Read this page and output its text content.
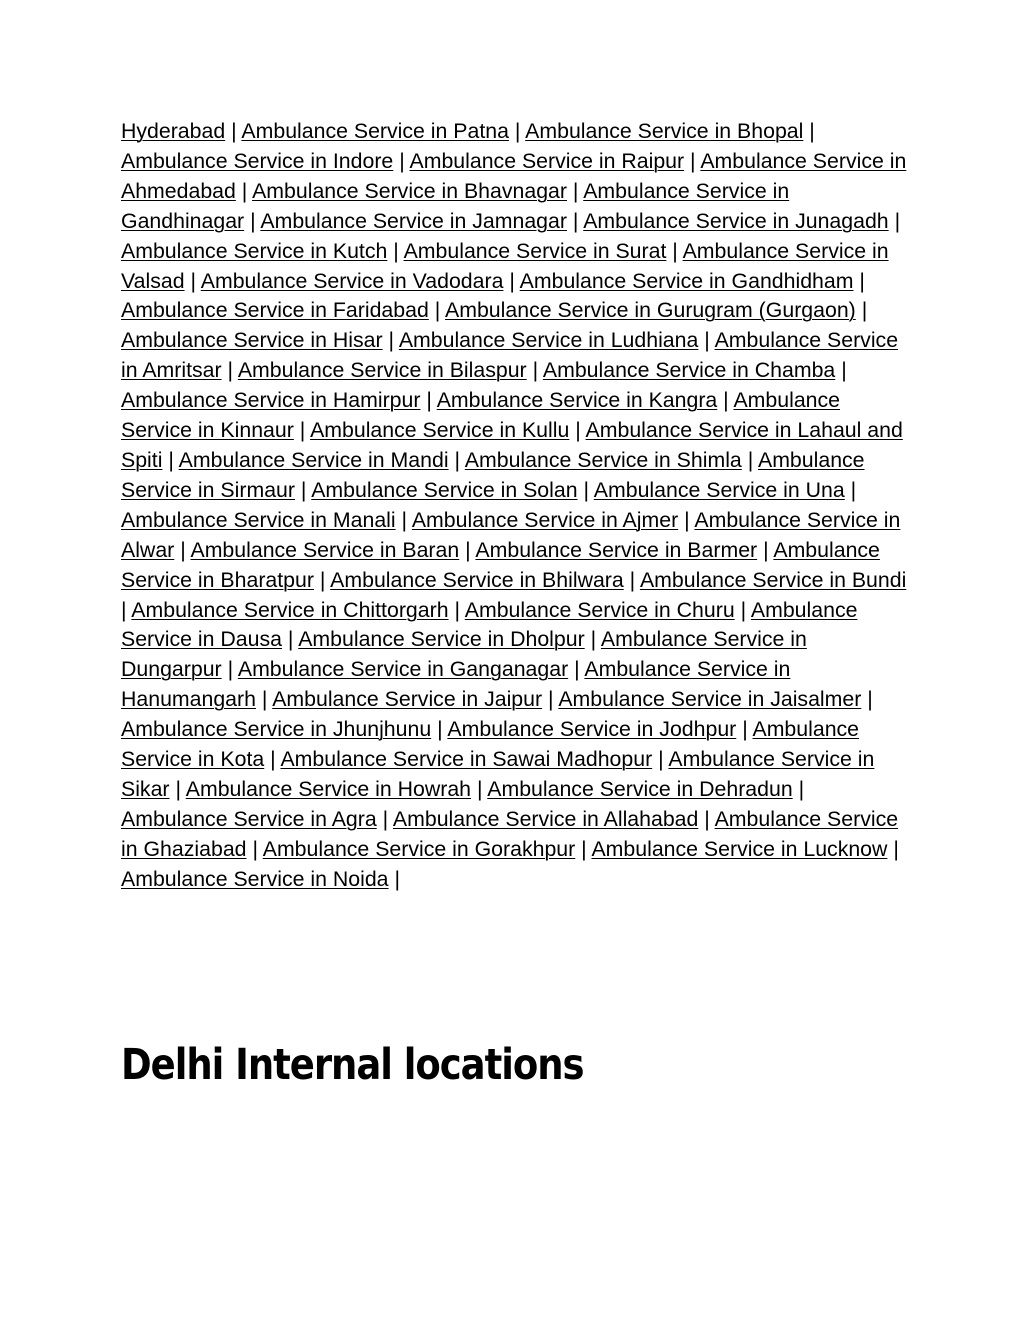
Hyderabad | Ambulance Service in Patna | Ambulance Service in Bhopal | Ambulance Service in Indore | Ambulance Service in Raipur | Ambulance Service in Ahmedabad | Ambulance Service in Bhavnagar | Ambulance Service in Gandhinagar | Ambulance Service in Jamnagar | Ambulance Service in Junagadh | Ambulance Service in Kutch | Ambulance Service in Surat | Ambulance Service in Valsad | Ambulance Service in Vadodara | Ambulance Service in Gandhidham | Ambulance Service in Faridabad | Ambulance Service in Gurugram (Gurgaon) | Ambulance Service in Hisar | Ambulance Service in Ludhiana | Ambulance Service in Amritsar | Ambulance Service in Bilaspur | Ambulance Service in Chamba | Ambulance Service in Hamirpur | Ambulance Service in Kangra | Ambulance Service in Kinnaur | Ambulance Service in Kullu | Ambulance Service in Lahaul and Spiti | Ambulance Service in Mandi | Ambulance Service in Shimla | Ambulance Service in Sirmaur | Ambulance Service in Solan | Ambulance Service in Una | Ambulance Service in Manali | Ambulance Service in Ajmer | Ambulance Service in Alwar | Ambulance Service in Baran | Ambulance Service in Barmer | Ambulance Service in Bharatpur | Ambulance Service in Bhilwara | Ambulance Service in Bundi | Ambulance Service in Chittorgarh | Ambulance Service in Churu | Ambulance Service in Dausa | Ambulance Service in Dholpur | Ambulance Service in Dungarpur | Ambulance Service in Ganganagar | Ambulance Service in Hanumangarh | Ambulance Service in Jaipur | Ambulance Service in Jaisalmer | Ambulance Service in Jhunjhunu | Ambulance Service in Jodhpur | Ambulance Service in Kota | Ambulance Service in Sawai Madhopur | Ambulance Service in Sikar | Ambulance Service in Howrah | Ambulance Service in Dehradun | Ambulance Service in Agra | Ambulance Service in Allahabad | Ambulance Service in Ghaziabad | Ambulance Service in Gorakhpur | Ambulance Service in Lucknow | Ambulance Service in Noida |

Delhi Internal locations
